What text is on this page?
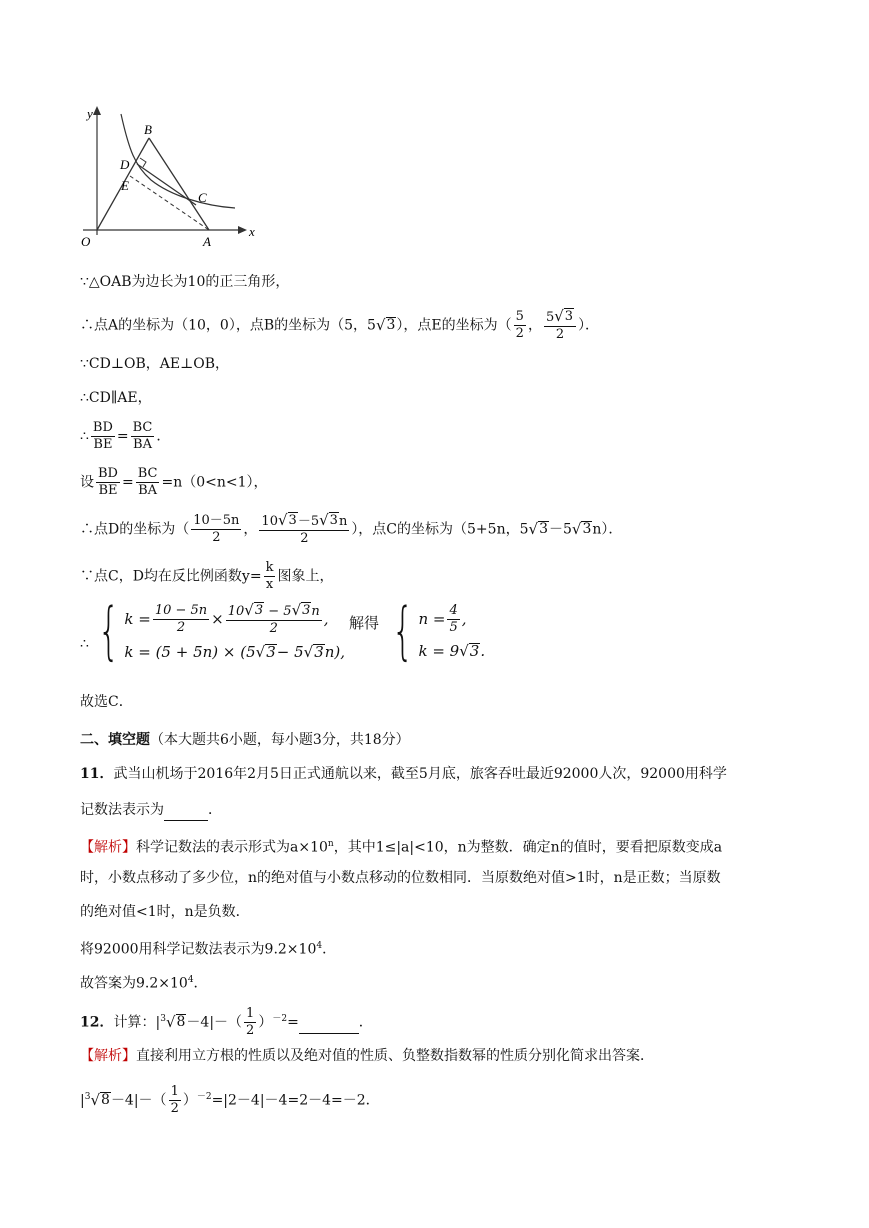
y
x
O	A
B
C
D
E
∵△OAB为边长为10的正三角形，
∴点A的坐标为（10，0），点B的坐标为（5，5 √ 3 ），点E的坐标为（ $\frac{5}{2}$ ， $\frac{5 √ 3}{2}$ ）．
∵CD⊥OB，AE⊥OB，
∴CD∥AE，
∴ $\frac{BD}{BE} = \frac{BC}{BA}$ ．
设 $\frac{BD}{BE} = \frac{BC}{BA} =n(0<n<1)$，
∴点D的坐标为（ $\frac{10-5n}{2}$ ， $\frac{10 √ 3 -5 √ 3 n}{2}$ ），点C的坐标为（5+5n，5 √ 3 －5 √ 3 n）．
∵点C，D均在反比例函数$y= \frac{k}{x}$ 图象上，
∴ { $k = \frac{10 - 5n}{2} \times \frac{10 √ 3 - 5 √ 3 n}{2}$ ,
k = (5 + 5n) × (5 √ 3 − 5 √ 3 n),
解得 { $n = \frac{4}{5}$ ,
k = 9 √ 3 .
故选C．
二、填空题（本大题共6小题，每小题3分，共18分）
11．武当山机场于2016年2月5日正式通航以来，截至5月底，旅客吞吐最近92000人次，92000用科学
记数法表示为	．
【解析】科学记数法的表示形式为$a\times 10^n$，其中1≤|a|<10，n为整数．确定n的值时，要看把原数变成a
时，小数点移动了多少位，n的绝对值与小数点移动的位数相同．当原数绝对值>1时，n是正数；当原数
的绝对值<1时，n是负数．
将92000用科学记数法表示为$9.2\times 10^4$．
故答案为$9.2\times 10^4$．
12．计算：$|^3$ √ $8 -4|-( \frac{1}{2} )^{-2}=$	．
【解析】直接利用立方根的性质以及绝对值的性质、负整数指数幂的性质分别化简求出答案．
$|^3$ √ $8 -4|-( \frac{1}{2} )^{-2}=|2-4|-4=2-4=-2$．
